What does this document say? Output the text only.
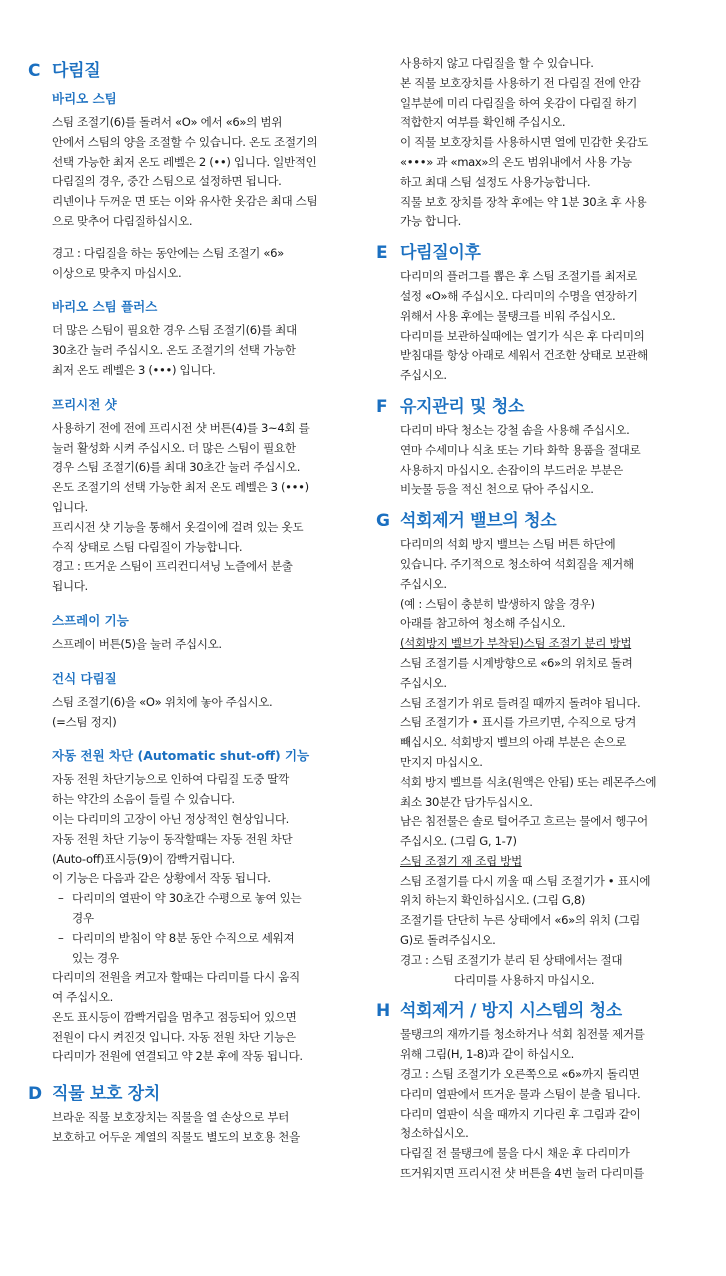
C 다림질
바리오 스팀
스팀 조절기(6)를 돌려서 «O» 에서 «6»의 범위
안에서 스팀의 양을 조절할 수 있습니다. 온도 조절기의
선택 가능한 최저 온도 레벨은 2 (••) 입니다. 일반적인
다림질의 경우, 중간 스팀으로 설정하면 됩니다.
리넨이나 두꺼운 면 또는 이와 유사한 옷감은 최대 스팀
으로 맞추어 다림질하십시오.
경고 : 다림질을 하는 동안에는 스팀 조절기 «6»
이상으로 맞추지 마십시오.
바리오 스팀 플러스
더 많은 스팀이 필요한 경우 스팀 조절기(6)를 최대
30초간 눌러 주십시오. 온도 조절기의 선택 가능한
최저 온도 레벨은 3 (•••) 입니다.
프리시전 샷
사용하기 전에 전에 프리시전 샷 버튼(4)를 3~4회 를
눌러 활성화 시켜 주십시오. 더 많은 스팀이 필요한
경우 스팀 조절기(6)를 최대 30초간 눌러 주십시오.
온도 조절기의 선택 가능한 최저 온도 레벨은 3 (•••)
입니다.
프리시전 샷 기능을 통해서 옷걸이에 걸려 있는 옷도
수직 상태로 스팀 다림질이 가능합니다.
경고 : 뜨거운 스팀이 프리컨디셔닝 노즐에서 분출
됩니다.
스프레이 기능
스프레이 버튼(5)을 눌러 주십시오.
건식 다림질
스팀 조절기(6)을 «O» 위치에 놓아 주십시오.
(=스팀 정지)
자동 전원 차단 (Automatic shut-off) 기능
자동 전원 차단기능으로 인하여 다림질 도중 딸깍
하는 약간의 소음이 들릴 수 있습니다.
이는 다리미의 고장이 아닌 정상적인 현상입니다.
자동 전원 차단 기능이 동작할때는 자동 전원 차단
(Auto-off)표시등(9)이 깜빡거립니다.
이 기능은 다음과 같은 상황에서 작동 됩니다.
– 다리미의 열판이 약 30초간 수평으로 놓여 있는
경우
– 다리미의 받침이 약 8분 동안 수직으로 세워져
있는 경우
다리미의 전원을 켜고자 할때는 다리미를 다시 움직
여 주십시오.
온도 표시등이 깜빡거림을 멈추고 점등되어 있으면
전원이 다시 켜진것 입니다. 자동 전원 차단 기능은
다리미가 전원에 연결되고 약 2분 후에 작동 됩니다.
D 직물 보호 장치
브라운 직물 보호장치는 직물을 열 손상으로 부터
보호하고 어두운 계열의 직물도 별도의 보호용 천을
사용하지 않고 다림질을 할 수 있습니다.
본 직물 보호장치를 사용하기 전 다림질 전에 안감
일부분에 미리 다림질을 하여 옷감이 다림질 하기
적합한지 여부를 확인해 주십시오.
이 직물 보호장치를 사용하시면 열에 민감한 옷감도
«•••» 과 «max»의 온도 범위내에서 사용 가능
하고 최대 스팀 설정도 사용가능합니다.
직물 보호 장치를 장착 후에는 약 1분 30초 후 사용
가능 합니다.
E 다림질이후
다리미의 플러그를 뽑은 후 스팀 조절기를 최저로
설정 «O»해 주십시오. 다리미의 수명을 연장하기
위해서 사용 후에는 물탱크를 비워 주십시오.
다리미를 보관하실때에는 열기가 식은 후 다리미의
받침대를 항상 아래로 세워서 건조한 상태로 보관해
주십시오.
F 유지관리 및 청소
다리미 바닥 청소는 강철 솜을 사용해 주십시오.
연마 수세미나 식초 또는 기타 화학 용품을 절대로
사용하지 마십시오. 손잡이의 부드러운 부분은
비눗물 등을 적신 천으로 닦아 주십시오.
G 석회제거 밸브의 청소
다리미의 석회 방지 밸브는 스팀 버튼 하단에
있습니다. 주기적으로 청소하여 석회질을 제거해
주십시오.
(예 : 스팀이 충분히 발생하지 않을 경우)
아래를 참고하여 청소해 주십시오.
(석회방지 벨브가 부착된)스팀 조절기 분리 방법
스팀 조절기를 시계방향으로 «6»의 위치로 돌려
주십시오.
스팀 조절기가 위로 들려질 때까지 돌려야 됩니다.
스팀 조절기가 • 표시를 가르키면, 수직으로 당겨
빼십시오. 석회방지 벨브의 아래 부분은 손으로
만지지 마십시오.
석회 방지 벨브를 식초(원액은 안됨) 또는 레몬주스에
최소 30분간 담가두십시오.
남은 침전물은 솔로 털어주고 흐르는 물에서 헹구어
주십시오. (그림 G, 1-7)
스팀 조절기 재 조립 방법
스팀 조절기를 다시 끼울 때 스팀 조절기가 • 표시에
위치 하는지 확인하십시오. (그림 G,8)
조절기를 단단히 누른 상태에서 «6»의 위치 (그림
G)로 돌려주십시오.
경고 : 스팀 조절기가 분리 된 상태에서는 절대
다리미를 사용하지 마십시오.
H 석회제거 / 방지 시스템의 청소
물탱크의 재까기를 청소하거나 석회 침전물 제거를
위해 그림(H, 1-8)과 같이 하십시오.
경고 : 스팀 조절기가 오른쪽으로 «6»까지 돌리면
다리미 열판에서 뜨거운 물과 스팀이 분출 됩니다.
다리미 열판이 식을 때까지 기다린 후 그림과 같이
청소하십시오.
다림질 전 물탱크에 물을 다시 채운 후 다리미가
뜨거워지면 프리시전 샷 버튼을 4번 눌러 다리미를
